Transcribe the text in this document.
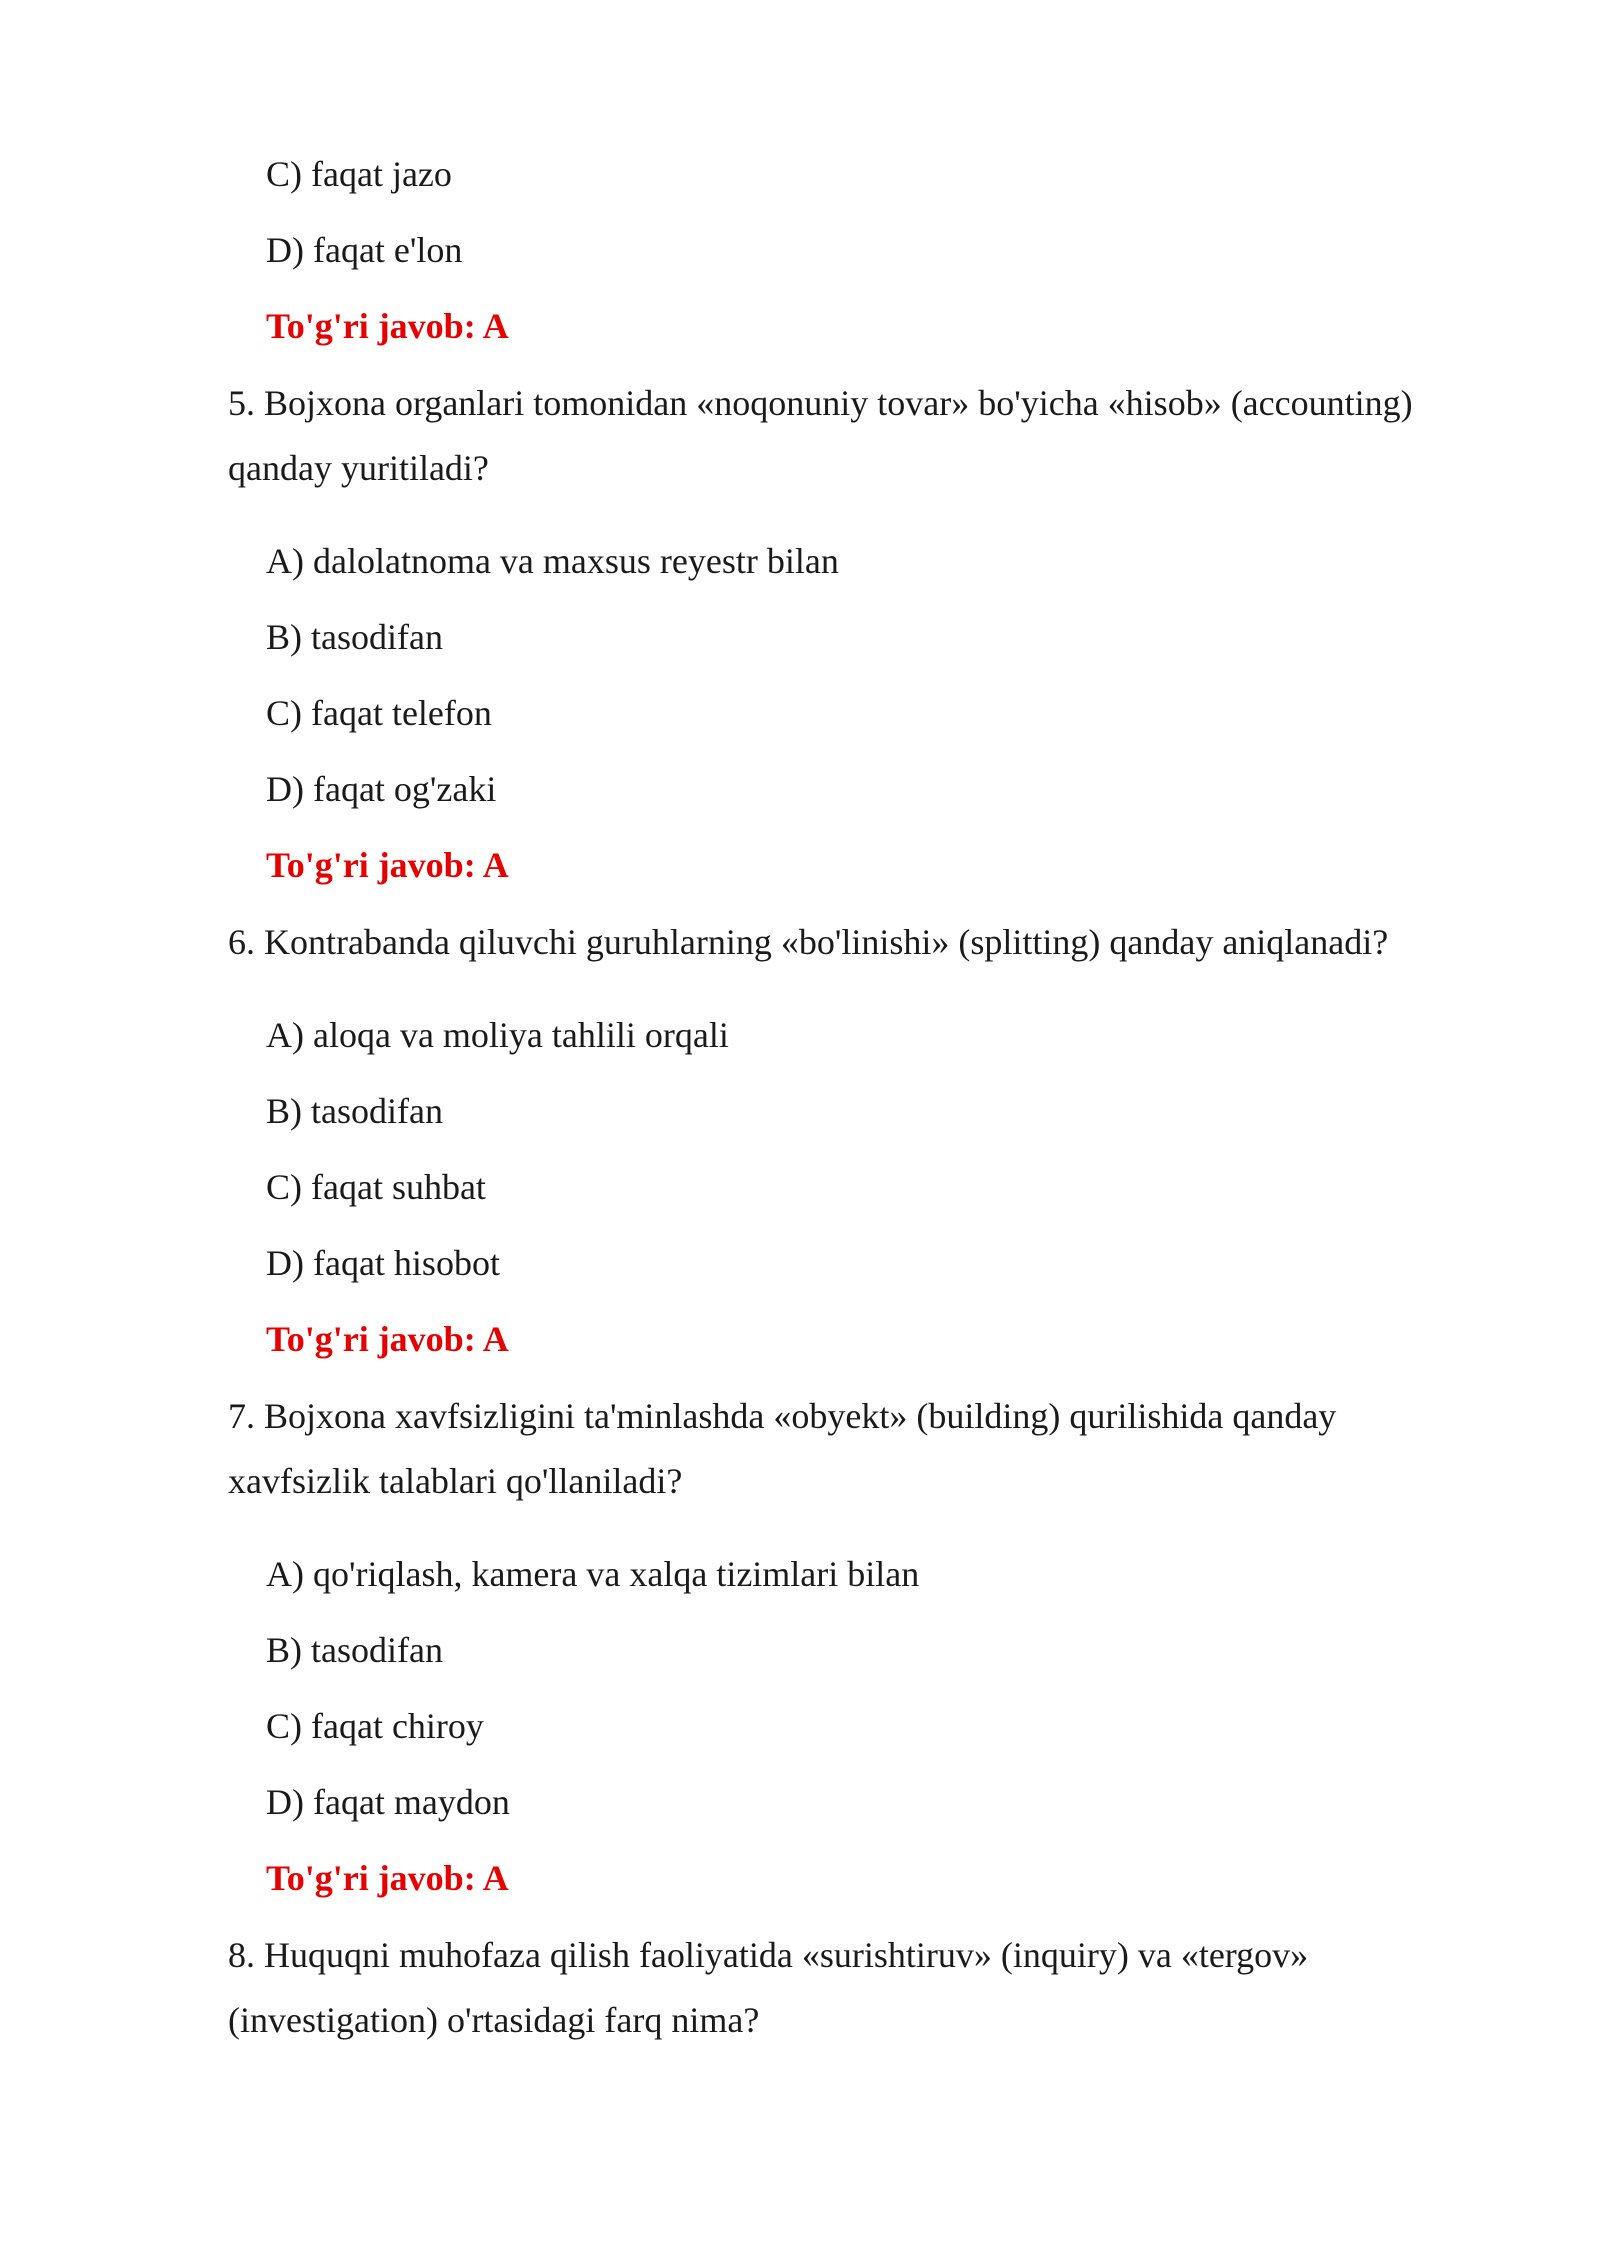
C) faqat jazo
D) faqat e'lon
To'g'ri javob: A
5. Bojxona organlari tomonidan «noqonuniy tovar» bo'yicha «hisob» (accounting)
qanday yuritiladi?
A) dalolatnoma va maxsus reyestr bilan
B) tasodifan
C) faqat telefon
D) faqat og'zaki
To'g'ri javob: A
6. Kontrabanda qiluvchi guruhlarning «bo'linishi» (splitting) qanday aniqlanadi?
A) aloqa va moliya tahlili orqali
B) tasodifan
C) faqat suhbat
D) faqat hisobot
To'g'ri javob: A
7. Bojxona xavfsizligini ta'minlashda «obyekt» (building) qurilishida qanday
xavfsizlik talablari qo'llaniladi?
A) qo'riqlash, kamera va xalqa tizimlari bilan
B) tasodifan
C) faqat chiroy
D) faqat maydon
To'g'ri javob: A
8. Huquqni muhofaza qilish faoliyatida «surishtiruv» (inquiry) va «tergov»
(investigation) o'rtasidagi farq nima?
